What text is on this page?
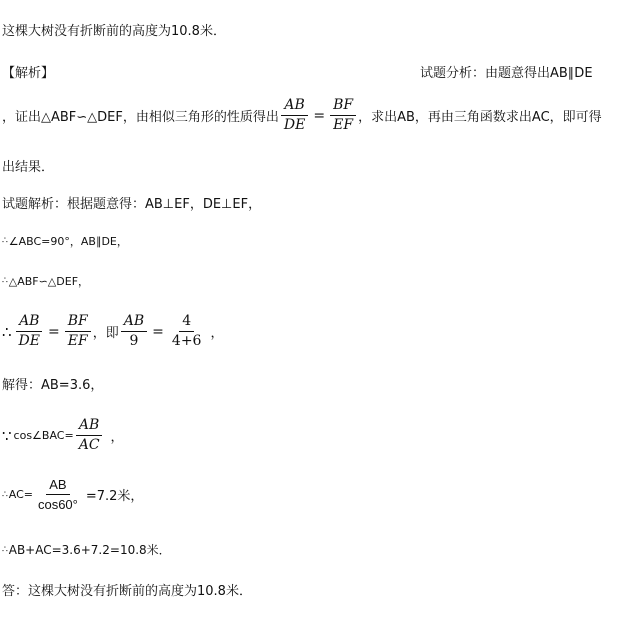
这棵大树没有折断前的高度为10.8米．
【解析】	试题分析：由题意得出AB∥DE
，证出△ABF∽△DEF，由相似三角形的性质得出 $\frac{AB}{DE} = \frac{BF}{EF}$ ，求出AB，再由三角函数求出AC，即可得
出结果．
试题解析：根据题意得：AB⊥EF，DE⊥EF，
∴ ∠ABC=90°，AB∥DE，
∴ △ABF∽△DEF，
∴ $\frac{AB}{DE} = \frac{BF}{EF}$ ，即 $\frac{AB}{9} = \frac{4}{4+6}$ ，
解得：AB=3.6，
∵ cos∠BAC= $\frac{AB}{AC}$ ，
∴ $AC= \frac{AB}{\cos 60^\circ} =7.2$米，
∴ AB+AC=3.6+7.2=10.8米．
答：这棵大树没有折断前的高度为10.8米．
